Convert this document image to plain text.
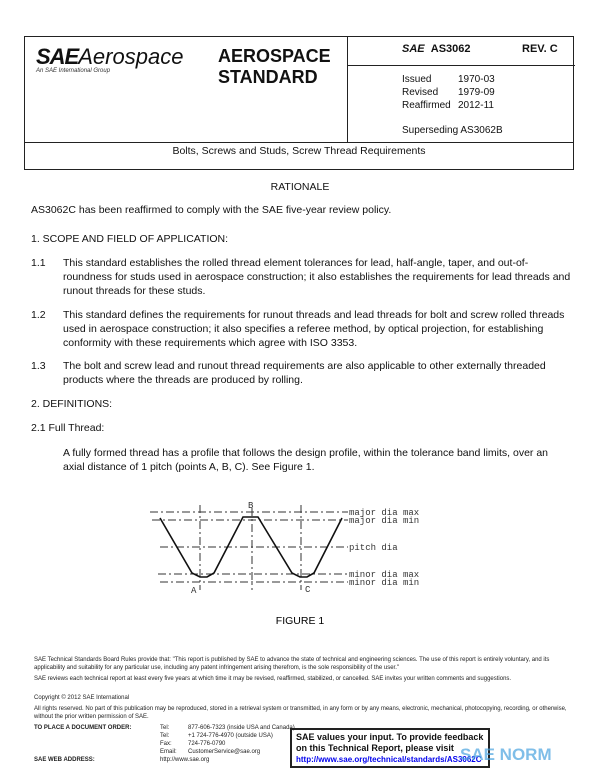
SAEAerospace
An SAE International Group
AEROSPACE
STANDARD
SAE AS3062	REV. C
Issued	1970-03
Revised 1979-09
Reaffirmed 2012-11
Superseding AS3062B
Bolts, Screws and Studs, Screw Thread Requirements
RATIONALE
AS3062C has been reaffirmed to comply with the SAE five-year review policy.
1. SCOPE AND FIELD OF APPLICATION:
1.1 This standard establishes the rolled thread element tolerances for lead, half-angle, taper, and out-of-roundness for studs used in aerospace construction; it also establishes the requirements for lead threads and runout threads for these studs.
1.2 This standard defines the requirements for runout threads and lead threads for bolt and screw rolled threads used in aerospace construction; it also specifies a referee method, by optical projection, for establishing conformity with these requirements which agree with ISO 3353.
1.3 The bolt and screw lead and runout thread requirements are also applicable to other externally threaded products where the threads are produced by rolling.
2. DEFINITIONS:
2.1 Full Thread:
A fully formed thread has a profile that follows the design profile, within the tolerance band limits, over an axial distance of 1 pitch (points A, B, C). See Figure 1.
major dia max
major dia min
pitch dia
minor dia max
minor dia min
A
B
C
FIGURE 1
SAE Technical Standards Board Rules provide that: "This report is published by SAE to advance the state of technical and engineering sciences. The use of this report is entirely voluntary, and its applicability and suitability for any particular use, including any patent infringement arising therefrom, is the sole responsibility of the user."
SAE reviews each technical report at least every five years at which time it may be revised, reaffirmed, stabilized, or cancelled. SAE invites your written comments and suggestions.
Copyright © 2012 SAE International
All rights reserved. No part of this publication may be reproduced, stored in a retrieval system or transmitted, in any form or by any means, electronic, mechanical, photocopying, recording, or otherwise, without the prior written permission of SAE.
TO PLACE A DOCUMENT ORDER:
SAE WEB ADDRESS:
Tel:	877-606-7323 (inside USA and Canada)
Tel:	+1 724-776-4970 (outside USA)
Fax:	724-776-0790
Email: CustomerService@sae.org
http://www.sae.org
SAE values your input. To provide feedback
on this Technical Report, please visit
http://www.sae.org/technical/standards/AS3062C
SAE NORM
